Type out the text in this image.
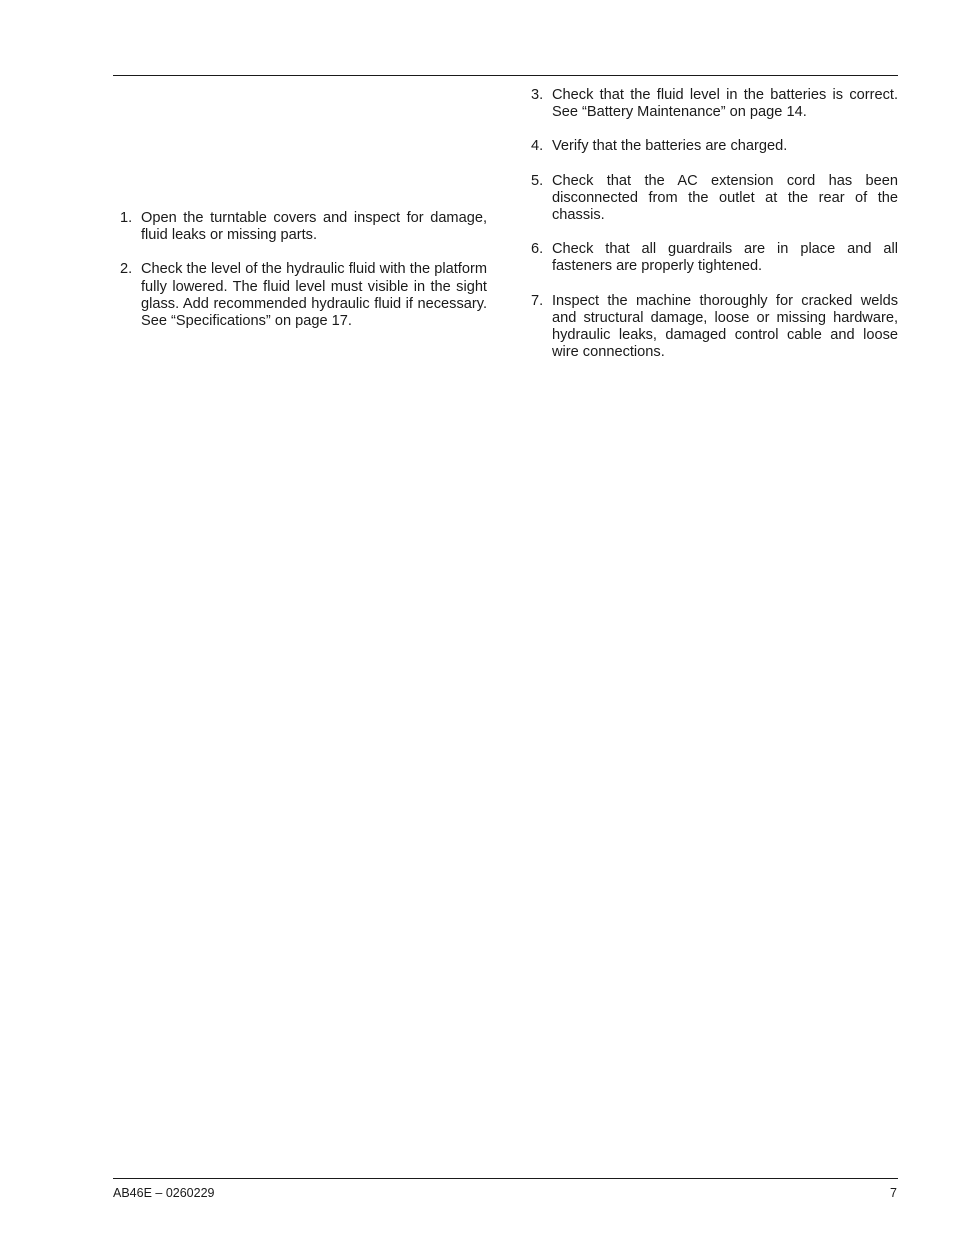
1. Open the turntable covers and inspect for damage, fluid leaks or missing parts.
2. Check the level of the hydraulic fluid with the platform fully lowered. The fluid level must visible in the sight glass. Add recommended hydraulic fluid if necessary. See “Specifications” on page 17.
3. Check that the fluid level in the batteries is correct. See “Battery Maintenance” on page 14.
4. Verify that the batteries are charged.
5. Check that the AC extension cord has been disconnected from the outlet at the rear of the chassis.
6. Check that all guardrails are in place and all fasteners are properly tightened.
7. Inspect the machine thoroughly for cracked welds and structural damage, loose or missing hardware, hydraulic leaks, damaged control cable and loose wire connections.
AB46E – 0260229	7
